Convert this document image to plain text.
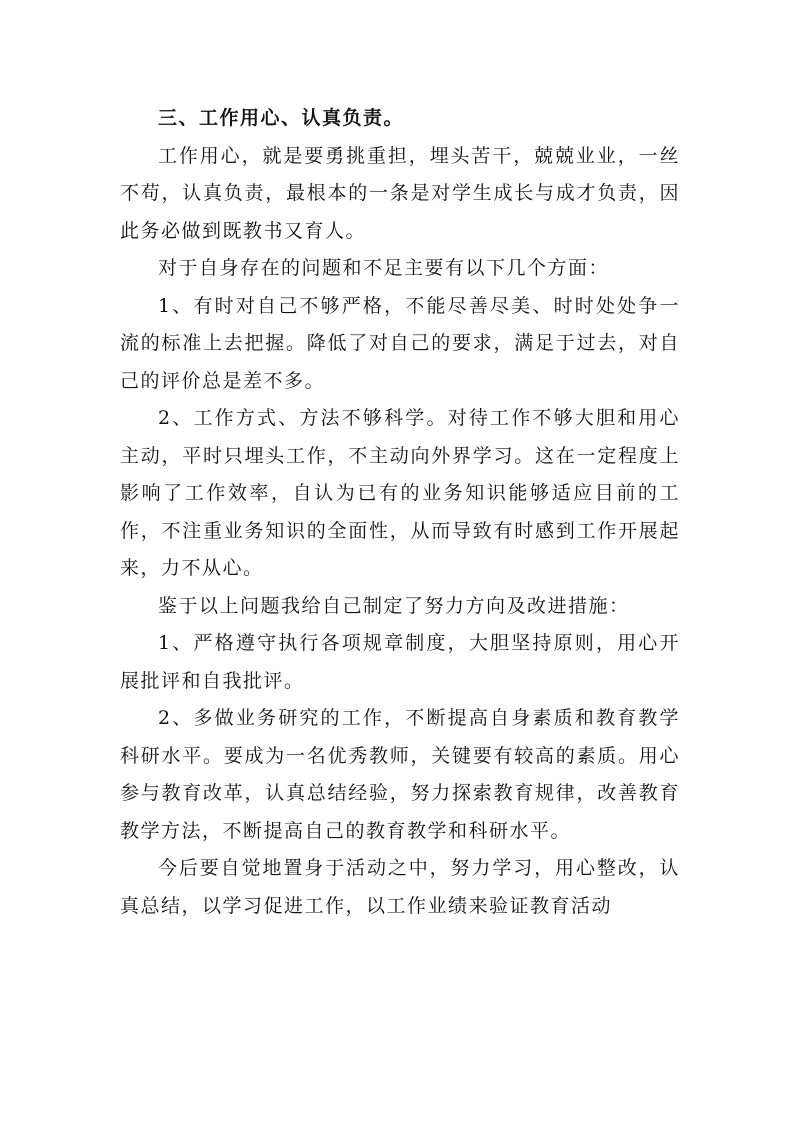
三、工作用心、认真负责。

工作用心，就是要勇挑重担，埋头苦干，兢兢业业，一丝不苟，认真负责，最根本的一条是对学生成长与成才负责，因此务必做到既教书又育人。

对于自身存在的问题和不足主要有以下几个方面：

1、有时对自己不够严格，不能尽善尽美、时时处处争一流的标准上去把握。降低了对自己的要求，满足于过去，对自己的评价总是差不多。

2、工作方式、方法不够科学。对待工作不够大胆和用心主动，平时只埋头工作，不主动向外界学习。这在一定程度上影响了工作效率，自认为已有的业务知识能够适应目前的工作，不注重业务知识的全面性，从而导致有时感到工作开展起来，力不从心。

鉴于以上问题我给自己制定了努力方向及改进措施：

1、严格遵守执行各项规章制度，大胆坚持原则，用心开展批评和自我批评。

2、多做业务研究的工作，不断提高自身素质和教育教学科研水平。要成为一名优秀教师，关键要有较高的素质。用心参与教育改革，认真总结经验，努力探索教育规律，改善教育教学方法，不断提高自己的教育教学和科研水平。

今后要自觉地置身于活动之中，努力学习，用心整改，认真总结，以学习促进工作，以工作业绩来验证教育活动
